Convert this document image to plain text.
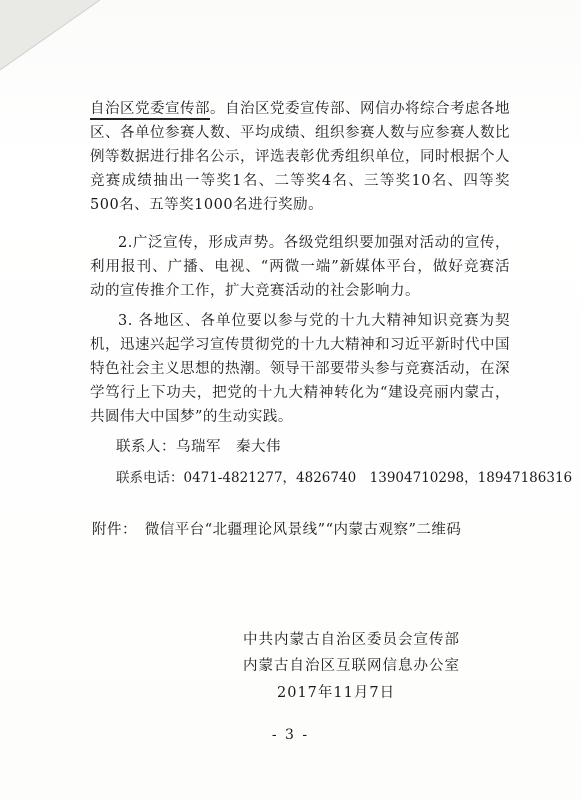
自治区党委宣传部。自治区党委宣传部、网信办将综合考虑各地区、各单位参赛人数、平均成绩、组织参赛人数与应参赛人数比例等数据进行排名公示，评选表彰优秀组织单位，同时根据个人竞赛成绩抽出一等奖1名、二等奖4名、三等奖10名、四等奖500名、五等奖1000名进行奖励。

2.广泛宣传，形成声势。各级党组织要加强对活动的宣传，利用报刊、广播、电视、“两微一端”新媒体平台，做好竞赛活动的宣传推介工作，扩大竞赛活动的社会影响力。

3. 各地区、各单位要以参与党的十九大精神知识竞赛为契机，迅速兴起学习宣传贯彻党的十九大精神和习近平新时代中国特色社会主义思想的热潮。领导干部要带头参与竞赛活动，在深学笃行上下功夫，把党的十九大精神转化为“建设亮丽内蒙古，共圆伟大中国梦”的生动实践。

联系人：乌瑞军　秦大伟

联系电话：0471-4821277，4826740　13904710298，18947186316

附件：　微信平台“北疆理论风景线”“内蒙古观察”二维码

中共内蒙古自治区委员会宣传部

内蒙古自治区互联网信息办公室

2017年11月7日

- 3 -
